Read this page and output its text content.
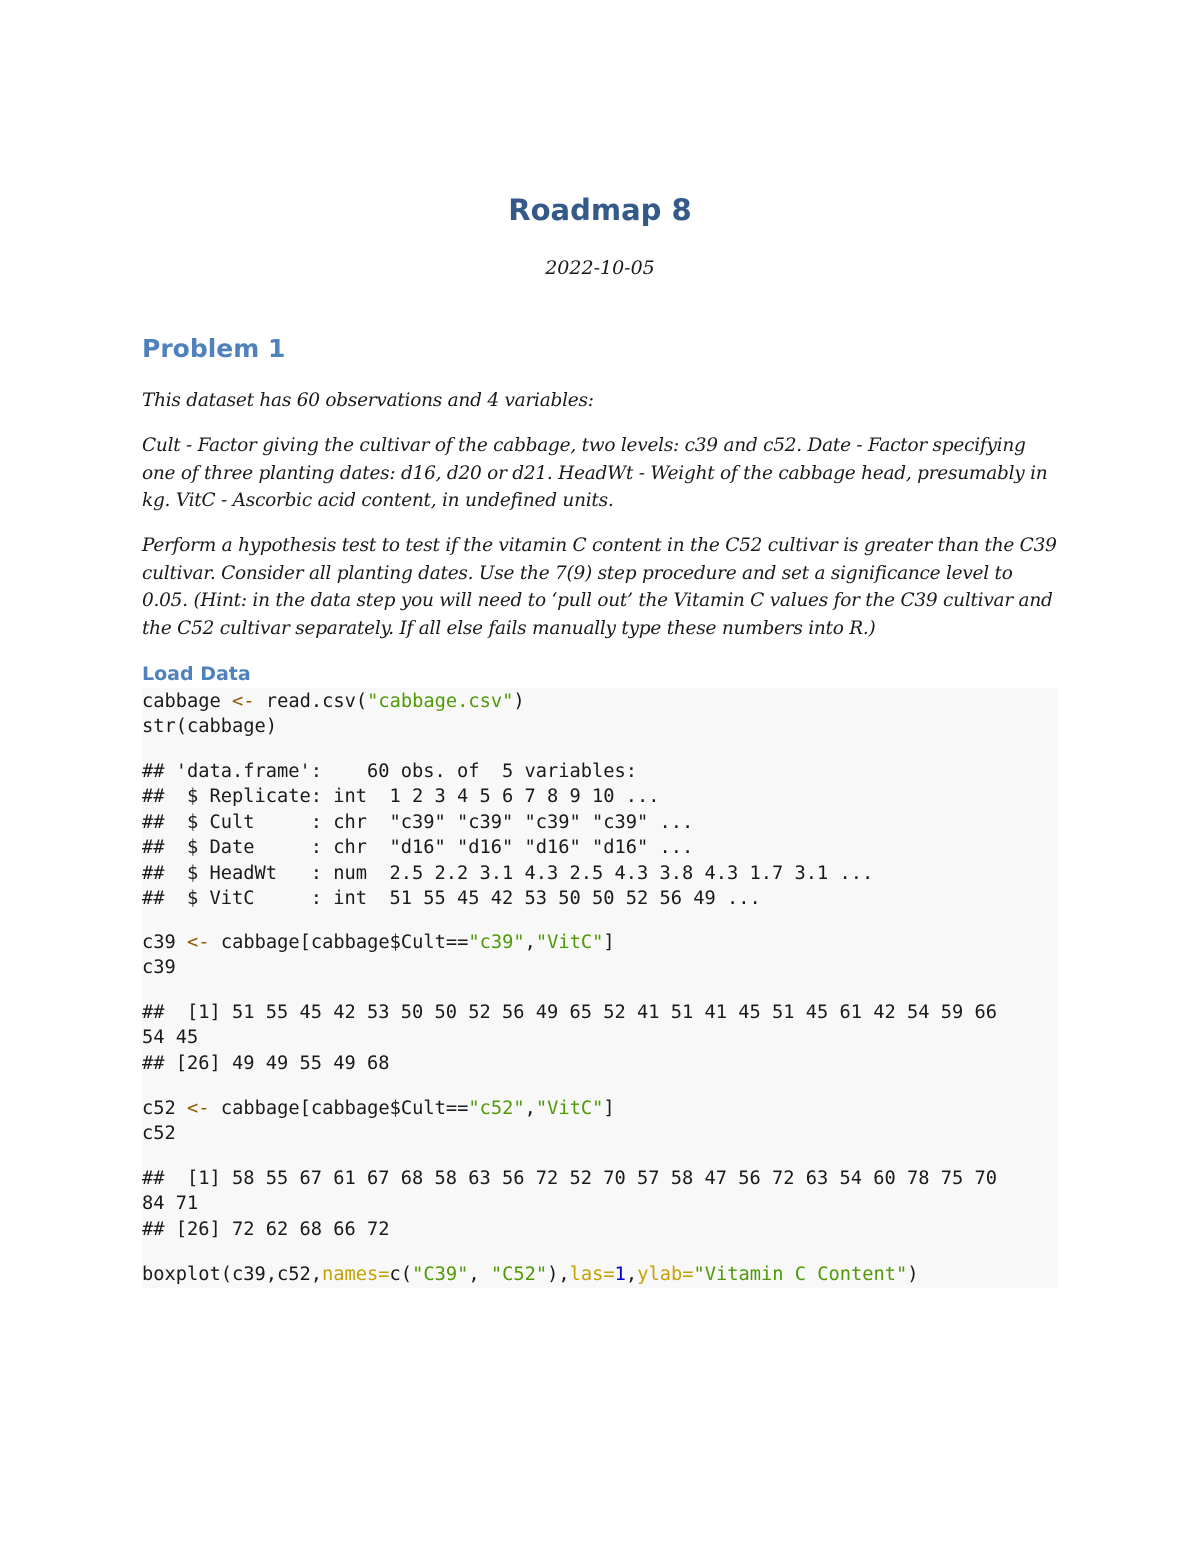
Roadmap 8
2022-10-05
Problem 1

This dataset has 60 observations and 4 variables:

Cult - Factor giving the cultivar of the cabbage, two levels: c39 and c52. Date - Factor specifying one of three planting dates: d16, d20 or d21. HeadWt - Weight of the cabbage head, presumably in kg. VitC - Ascorbic acid content, in undefined units.

Perform a hypothesis test to test if the vitamin C content in the C52 cultivar is greater than the C39 cultivar. Consider all planting dates. Use the 7(9) step procedure and set a significance level to 0.05. (Hint: in the data step you will need to ‘pull out’ the Vitamin C values for the C39 cultivar and the C52 cultivar separately. If all else fails manually type these numbers into R.)

Load Data
cabbage <- read.csv("cabbage.csv")
str(cabbage)
## 'data.frame':    60 obs. of  5 variables:
##  $ Replicate: int  1 2 3 4 5 6 7 8 9 10 ...
##  $ Cult     : chr  "c39" "c39" "c39" "c39" ...
##  $ Date     : chr  "d16" "d16" "d16" "d16" ...
##  $ HeadWt   : num  2.5 2.2 3.1 4.3 2.5 4.3 3.8 4.3 1.7 3.1 ...
##  $ VitC     : int  51 55 45 42 53 50 50 52 56 49 ...
c39 <- cabbage[cabbage$Cult=="c39","VitC"]
c39
##  [1] 51 55 45 42 53 50 50 52 56 49 65 52 41 51 41 45 51 45 61 42 54 59 66
54 45
## [26] 49 49 55 49 68
c52 <- cabbage[cabbage$Cult=="c52","VitC"]
c52
##  [1] 58 55 67 61 67 68 58 63 56 72 52 70 57 58 47 56 72 63 54 60 78 75 70
84 71
## [26] 72 62 68 66 72
boxplot(c39,c52,names=c("C39", "C52"),las=1,ylab="Vitamin C Content")
